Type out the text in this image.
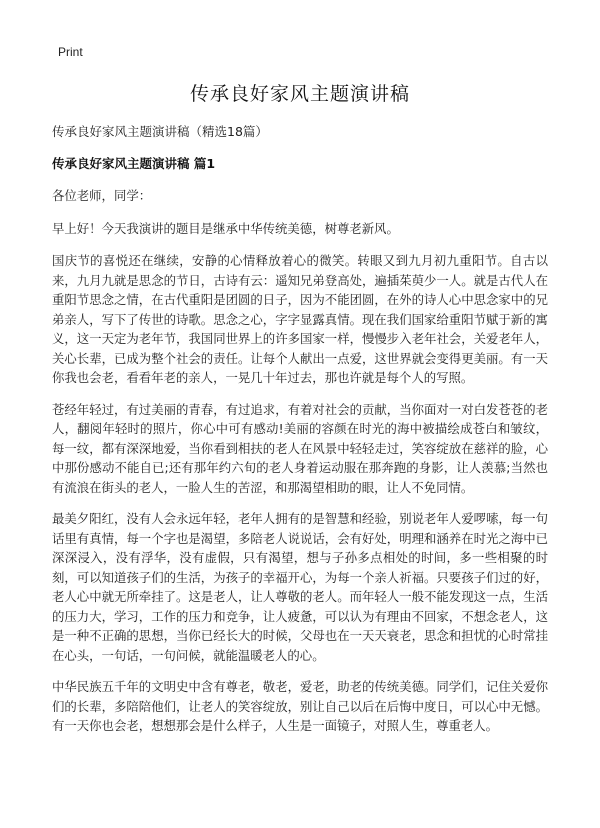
Print
传承良好家风主题演讲稿
传承良好家风主题演讲稿（精选18篇）
传承良好家风主题演讲稿 篇1
各位老师，同学：
早上好！今天我演讲的题目是继承中华传统美德，树尊老新风。
国庆节的喜悦还在继续，安静的心情释放着心的微笑。转眼又到九月初九重阳节。自古以来，九月九就是思念的节日，古诗有云：遥知兄弟登高处，遍插茱萸少一人。就是古代人在重阳节思念之情，在古代重阳是团圆的日子，因为不能团圆，在外的诗人心中思念家中的兄弟亲人，写下了传世的诗歌。思念之心，字字显露真情。现在我们国家给重阳节赋于新的寓义，这一天定为老年节，我国同世界上的许多国家一样，慢慢步入老年社会，关爱老年人，关心长辈，已成为整个社会的责任。让每个人献出一点爱，这世界就会变得更美丽。有一天你我也会老，看看年老的亲人，一晃几十年过去，那也许就是每个人的写照。
苍经年轻过，有过美丽的青春，有过追求，有着对社会的贡献，当你面对一对白发苍苍的老人，翻阅年轻时的照片，你心中可有感动!美丽的容颜在时光的海中被描绘成苍白和皱纹，每一纹，都有深深地爱，当你看到相扶的老人在风景中轻轻走过，笑容绽放在慈祥的脸，心中那份感动不能自已;还有那年约六旬的老人身着运动服在那奔跑的身影，让人羡慕;当然也有流浪在街头的老人，一脸人生的苦涩，和那渴望相助的眼，让人不免同情。
最美夕阳红，没有人会永远年轻，老年人拥有的是智慧和经验，别说老年人爱啰嗦，每一句话里有真情，每一个字也是渴望，多陪老人说说话，会有好处，明理和涵养在时光之海中已深深浸入，没有浮华，没有虚假，只有渴望，想与子孙多点相处的时间，多一些相聚的时刻，可以知道孩子们的生活，为孩子的幸福开心，为每一个亲人祈福。只要孩子们过的好，老人心中就无所牵挂了。这是老人，让人尊敬的老人。而年轻人一般不能发现这一点，生活的压力大，学习，工作的压力和竞争，让人疲惫，可以认为有理由不回家，不想念老人，这是一种不正确的思想，当你已经长大的时候，父母也在一天天衰老，思念和担忧的心时常挂在心头，一句话，一句问候，就能温暖老人的心。
中华民族五千年的文明史中含有尊老，敬老，爱老，助老的传统美德。同学们，记住关爱你们的长辈，多陪陪他们，让老人的笑容绽放，别让自己以后在后悔中度日，可以心中无憾。有一天你也会老，想想那会是什么样子，人生是一面镜子，对照人生，尊重老人。
